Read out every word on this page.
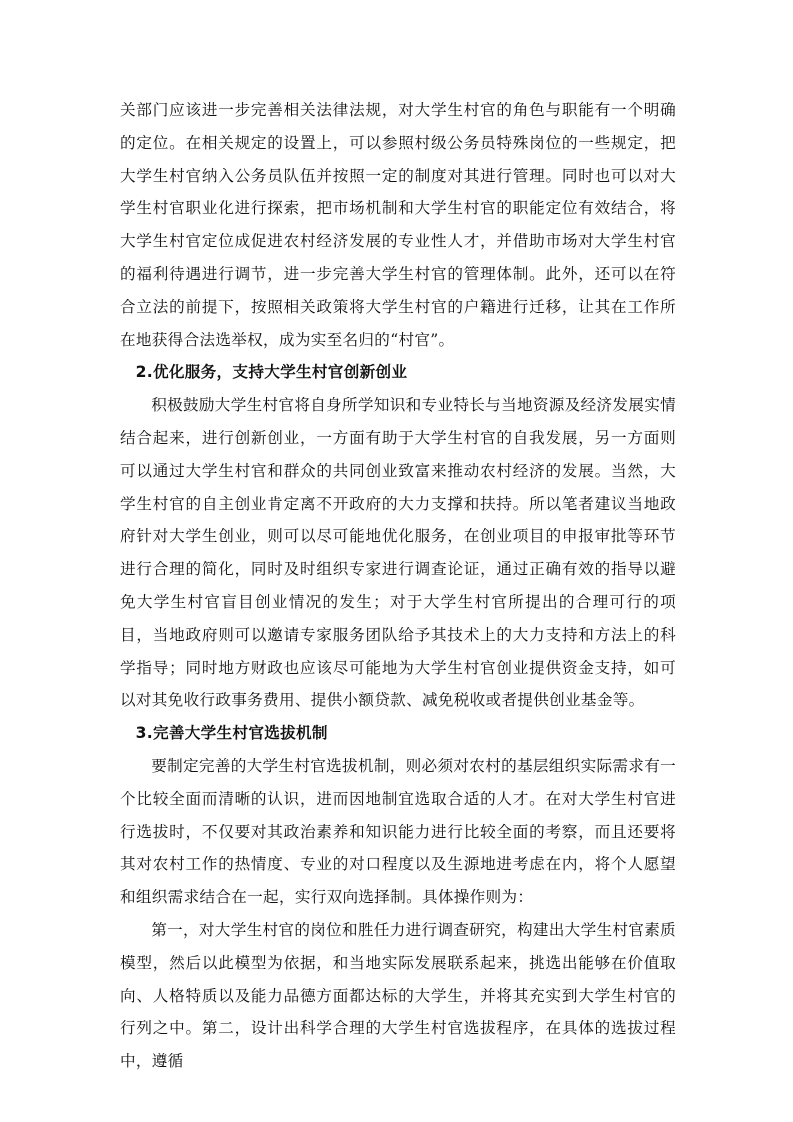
关部门应该进一步完善相关法律法规，对大学生村官的角色与职能有一个明确的定位。在相关规定的设置上，可以参照村级公务员特殊岗位的一些规定，把大学生村官纳入公务员队伍并按照一定的制度对其进行管理。同时也可以对大学生村官职业化进行探索，把市场机制和大学生村官的职能定位有效结合，将大学生村官定位成促进农村经济发展的专业性人才，并借助市场对大学生村官的福利待遇进行调节，进一步完善大学生村官的管理体制。此外，还可以在符合立法的前提下，按照相关政策将大学生村官的户籍进行迁移，让其在工作所在地获得合法选举权，成为实至名归的“村官”。

2.优化服务，支持大学生村官创新创业

积极鼓励大学生村官将自身所学知识和专业特长与当地资源及经济发展实情结合起来，进行创新创业，一方面有助于大学生村官的自我发展，另一方面则可以通过大学生村官和群众的共同创业致富来推动农村经济的发展。当然，大学生村官的自主创业肯定离不开政府的大力支撑和扶持。所以笔者建议当地政府针对大学生创业，则可以尽可能地优化服务，在创业项目的申报审批等环节进行合理的简化，同时及时组织专家进行调查论证，通过正确有效的指导以避免大学生村官盲目创业情况的发生；对于大学生村官所提出的合理可行的项目，当地政府则可以邀请专家服务团队给予其技术上的大力支持和方法上的科学指导；同时地方财政也应该尽可能地为大学生村官创业提供资金支持，如可以对其免收行政事务费用、提供小额贷款、减免税收或者提供创业基金等。

3.完善大学生村官选拔机制

要制定完善的大学生村官选拔机制，则必须对农村的基层组织实际需求有一个比较全面而清晰的认识，进而因地制宜选取合适的人才。在对大学生村官进行选拔时，不仅要对其政治素养和知识能力进行比较全面的考察，而且还要将其对农村工作的热情度、专业的对口程度以及生源地进考虑在内，将个人愿望和组织需求结合在一起，实行双向选择制。具体操作则为：

第一，对大学生村官的岗位和胜任力进行调查研究，构建出大学生村官素质模型，然后以此模型为依据，和当地实际发展联系起来，挑选出能够在价值取向、人格特质以及能力品德方面都达标的大学生，并将其充实到大学生村官的行列之中。第二，设计出科学合理的大学生村官选拔程序，在具体的选拔过程中，遵循
